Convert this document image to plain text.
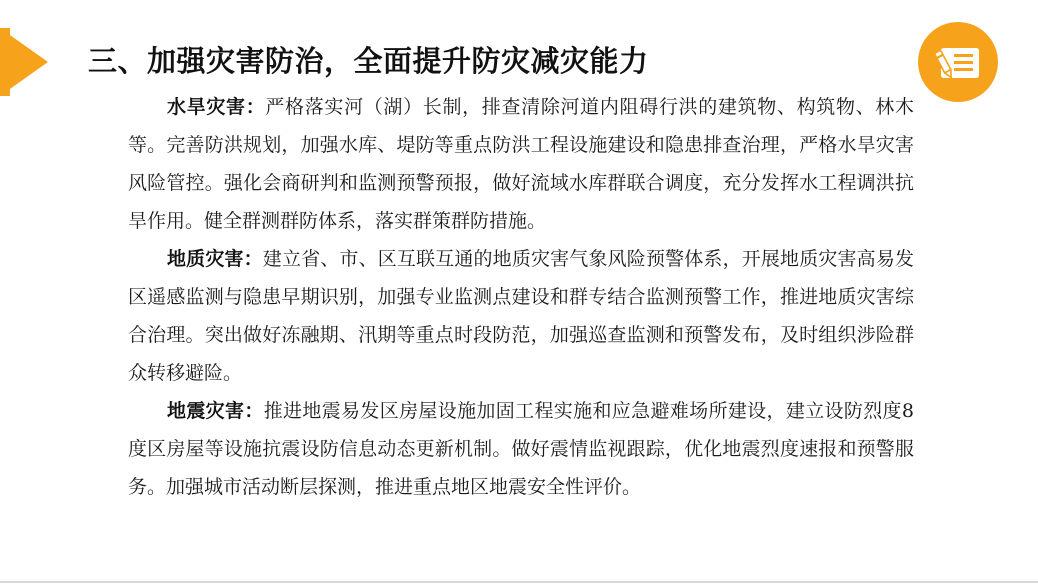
三、加强灾害防治，全面提升防灾减灾能力

水旱灾害：严格落实河（湖）长制，排查清除河道内阻碍行洪的建筑物、构筑物、林木等。完善防洪规划，加强水库、堤防等重点防洪工程设施建设和隐患排查治理，严格水旱灾害风险管控。强化会商研判和监测预警预报，做好流域水库群联合调度，充分发挥水工程调洪抗旱作用。健全群测群防体系，落实群策群防措施。

地质灾害：建立省、市、区互联互通的地质灾害气象风险预警体系，开展地质灾害高易发区遥感监测与隐患早期识别，加强专业监测点建设和群专结合监测预警工作，推进地质灾害综合治理。突出做好冻融期、汛期等重点时段防范，加强巡查监测和预警发布，及时组织涉险群众转移避险。

地震灾害：推进地震易发区房屋设施加固工程实施和应急避难场所建设，建立设防烈度8度区房屋等设施抗震设防信息动态更新机制。做好震情监视跟踪，优化地震烈度速报和预警服务。加强城市活动断层探测，推进重点地区地震安全性评价。
